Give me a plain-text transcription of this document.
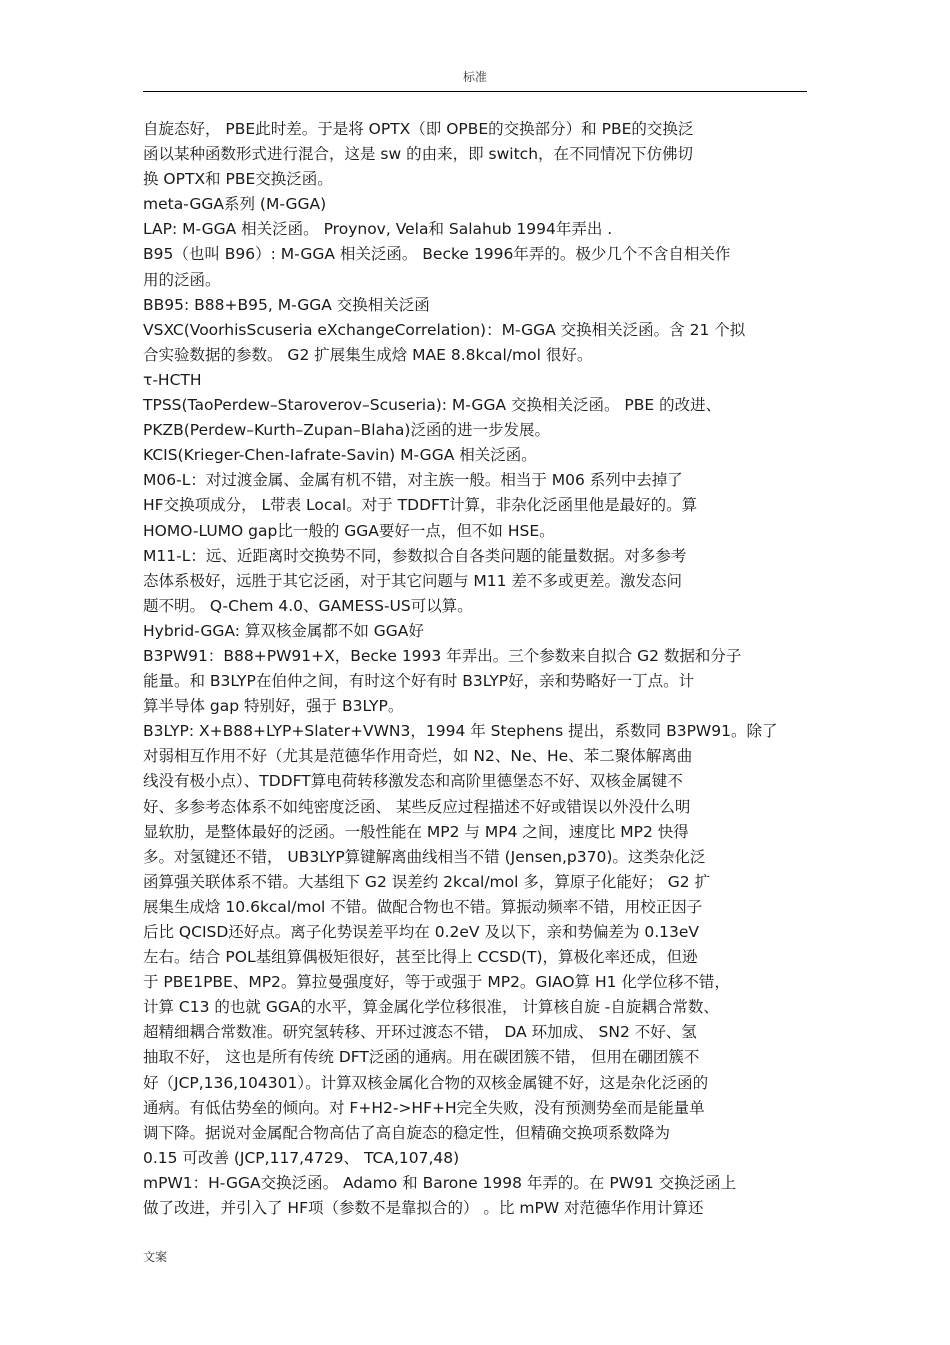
标准
自旋态好， PBE此时差。于是将 OPTX（即 OPBE的交换部分）和 PBE的交换泛
函以某种函数形式进行混合，这是 sw 的由来，即 switch，在不同情况下仿佛切
换 OPTX和 PBE交换泛函。
meta-GGA系列 (M-GGA)
LAP: M-GGA 相关泛函。 Proynov, Vela和 Salahub 1994年弄出 .
B95（也叫 B96）: M-GGA 相关泛函。 Becke 1996年弄的。极少几个不含自相关作
用的泛函。
BB95: B88+B95, M-GGA 交换相关泛函
VSXC(VoorhisScuseria eXchangeCorrelation)：M-GGA 交换相关泛函。含 21 个拟
合实验数据的参数。 G2 扩展集生成焓 MAE 8.8kcal/mol 很好。
τ-HCTH
TPSS(TaoPerdew–Staroverov–Scuseria): M-GGA 交换相关泛函。 PBE 的改进、
PKZB(Perdew–Kurth–Zupan–Blaha)泛函的进一步发展。
KCIS(Krieger-Chen-Iafrate-Savin) M-GGA 相关泛函。
M06-L：对过渡金属、金属有机不错，对主族一般。相当于 M06 系列中去掉了
HF交换项成分， L带表 Local。对于 TDDFT计算，非杂化泛函里他是最好的。算
HOMO-LUMO gap比一般的 GGA要好一点，但不如 HSE。
M11-L：远、近距离时交换势不同，参数拟合自各类问题的能量数据。对多参考
态体系极好，远胜于其它泛函，对于其它问题与 M11 差不多或更差。激发态问
题不明。 Q-Chem 4.0、GAMESS-US可以算。
Hybrid-GGA: 算双核金属都不如 GGA好
B3PW91：B88+PW91+X，Becke 1993 年弄出。三个参数来自拟合 G2 数据和分子
能量。和 B3LYP在伯仲之间，有时这个好有时 B3LYP好，亲和势略好一丁点。计
算半导体 gap 特别好，强于 B3LYP。
B3LYP: X+B88+LYP+Slater+VWN3，1994 年 Stephens 提出，系数同 B3PW91。除了
对弱相互作用不好（尤其是范德华作用奇烂，如 N2、Ne、He、苯二聚体解离曲
线没有极小点）、TDDFT算电荷转移激发态和高阶里德堡态不好、双核金属键不
好、多参考态体系不如纯密度泛函、 某些反应过程描述不好或错误以外没什么明
显软肋，是整体最好的泛函。一般性能在 MP2 与 MP4 之间，速度比 MP2 快得
多。对氢键还不错， UB3LYP算键解离曲线相当不错 (Jensen,p370)。这类杂化泛
函算强关联体系不错。大基组下 G2 误差约 2kcal/mol 多，算原子化能好； G2 扩
展集生成焓 10.6kcal/mol 不错。做配合物也不错。算振动频率不错，用校正因子
后比 QCISD还好点。离子化势误差平均在 0.2eV 及以下，亲和势偏差为 0.13eV
左右。结合 POL基组算偶极矩很好，甚至比得上 CCSD(T)，算极化率还成，但逊
于 PBE1PBE、MP2。算拉曼强度好，等于或强于 MP2。GIAO算 H1 化学位移不错，
计算 C13 的也就 GGA的水平，算金属化学位移很准， 计算核自旋 -自旋耦合常数、
超精细耦合常数准。研究氢转移、开环过渡态不错， DA 环加成、 SN2 不好、氢
抽取不好， 这也是所有传统 DFT泛函的通病。用在碳团簇不错， 但用在硼团簇不
好（JCP,136,104301）。计算双核金属化合物的双核金属键不好，这是杂化泛函的
通病。有低估势垒的倾向。对 F+H2->HF+H完全失败，没有预测势垒而是能量单
调下降。据说对金属配合物高估了高自旋态的稳定性，但精确交换项系数降为
0.15 可改善 (JCP,117,4729、 TCA,107,48)
mPW1：H-GGA交换泛函。 Adamo 和 Barone 1998 年弄的。在 PW91 交换泛函上
做了改进，并引入了 HF项（参数不是靠拟合的） 。比 mPW 对范德华作用计算还
文案
